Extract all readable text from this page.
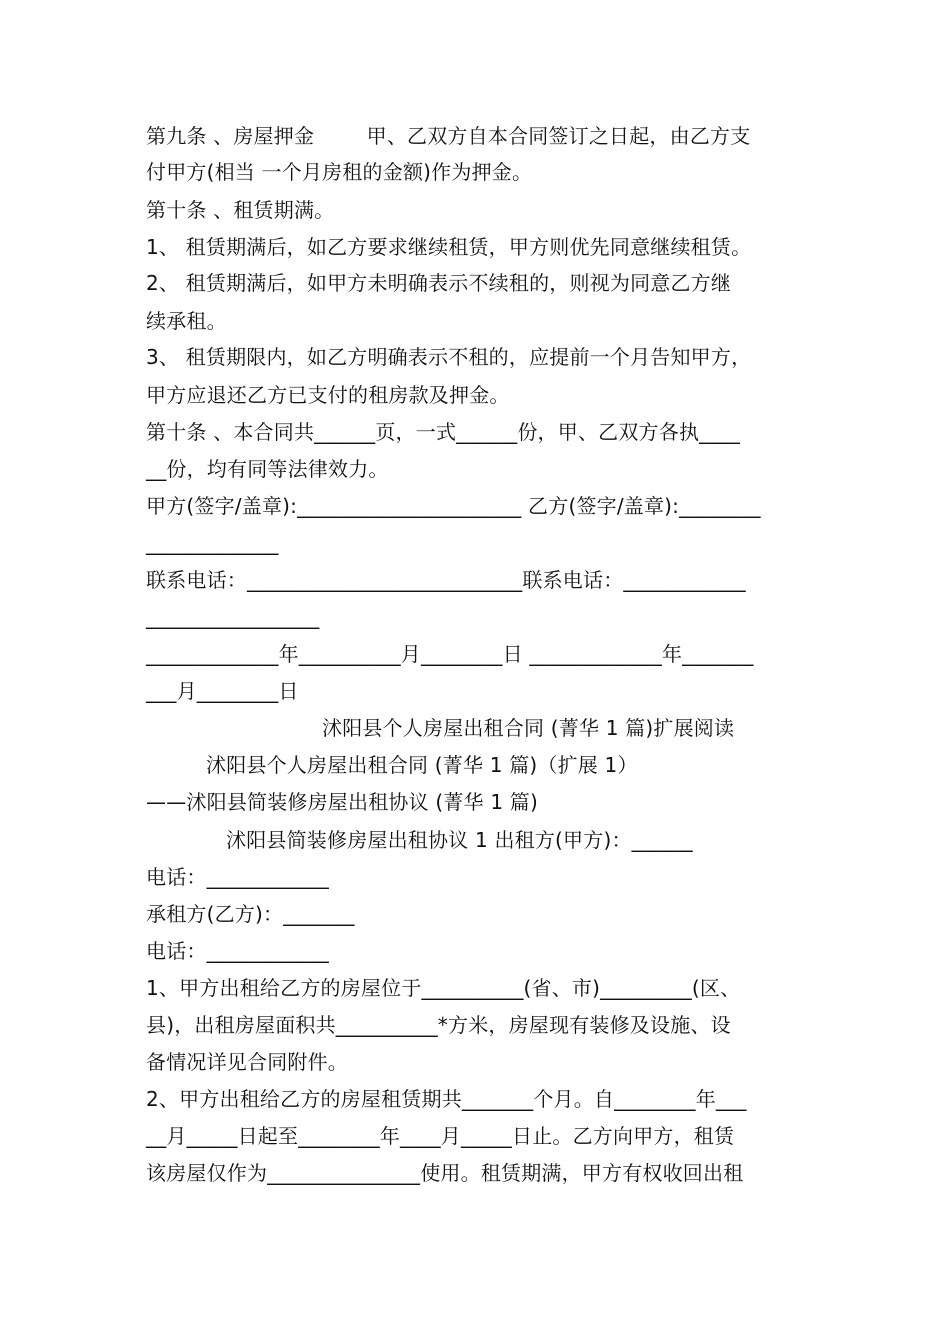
第九条 、房屋押金        甲、乙双方自本合同签订之日起，由乙方支
付甲方(相当 一个月房租的金额)作为押金。
第十条 、租赁期满。
1、 租赁期满后，如乙方要求继续租赁，甲方则优先同意继续租赁。
2、 租赁期满后，如甲方未明确表示不续租的，则视为同意乙方继
续承租。
3、 租赁期限内，如乙方明确表示不租的，应提前一个月告知甲方，
甲方应退还乙方已支付的租房款及押金。
第十条 、本合同共______页，一式______份，甲、乙双方各执____
__份，均有同等法律效力。
甲方(签字/盖章):______________________ 乙方(签字/盖章):________
_____________
联系电话：___________________________联系电话：____________
_________________
_____________年__________月________日 _____________年_______
___月________日
沭阳县个人房屋出租合同 (菁华 1 篇)扩展阅读
沭阳县个人房屋出租合同 (菁华 1 篇)（扩展 1）
——沭阳县简装修房屋出租协议 (菁华 1 篇)
沭阳县简装修房屋出租协议 1 出租方(甲方)：______
电话：____________
承租方(乙方)：_______
电话：____________
1、甲方出租给乙方的房屋位于__________(省、市)_________(区、
县)，出租房屋面积共__________*方米，房屋现有装修及设施、设
备情况详见合同附件。
2、甲方出租给乙方的房屋租赁期共_______个月。自________年___
__月_____日起至________年____月_____日止。乙方向甲方，租赁
该房屋仅作为_______________使用。租赁期满，甲方有权收回出租
